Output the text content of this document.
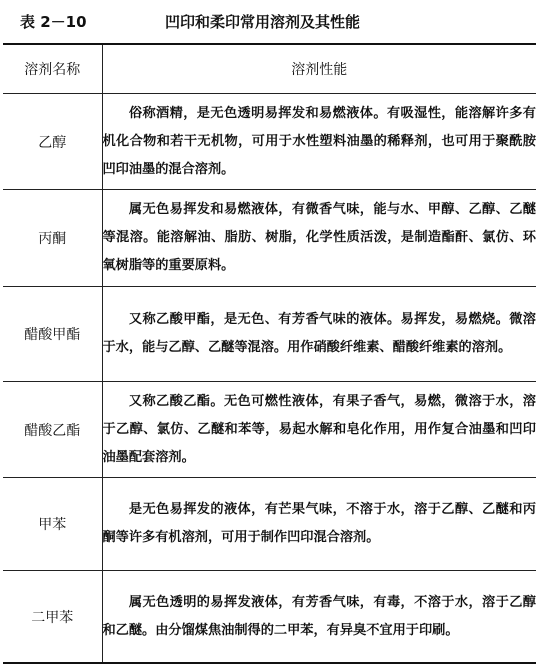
表 2－10	凹印和柔印常用溶剂及其性能
溶剂名称	溶剂性能
乙醇	俗称酒精，是无色透明易挥发和易燃液体。有吸湿性，能溶解许多有机化合物和若干无机物，可用于水性塑料油墨的稀释剂，也可用于聚酰胺凹印油墨的混合溶剂。

丙酮	属无色易挥发和易燃液体，有微香气味，能与水、甲醇、乙醇、乙醚等混溶。能溶解油、脂肪、树脂，化学性质活泼，是制造酯酐、氯仿、环氧树脂等的重要原料。

醋酸甲酯	又称乙酸甲酯，是无色、有芳香气味的液体。易挥发，易燃烧。微溶于水，能与乙醇、乙醚等混溶。用作硝酸纤维素、醋酸纤维素的溶剂。

醋酸乙酯	又称乙酸乙酯。无色可燃性液体，有果子香气，易燃，微溶于水，溶于乙醇、氯仿、乙醚和苯等，易起水解和皂化作用，用作复合油墨和凹印油墨配套溶剂。

甲苯	是无色易挥发的液体，有芒果气味，不溶于水，溶于乙醇、乙醚和丙酮等许多有机溶剂，可用于制作凹印混合溶剂。

二甲苯	属无色透明的易挥发液体，有芳香气味，有毒，不溶于水，溶于乙醇和乙醚。由分馏煤焦油制得的二甲苯，有异臭不宜用于印刷。
